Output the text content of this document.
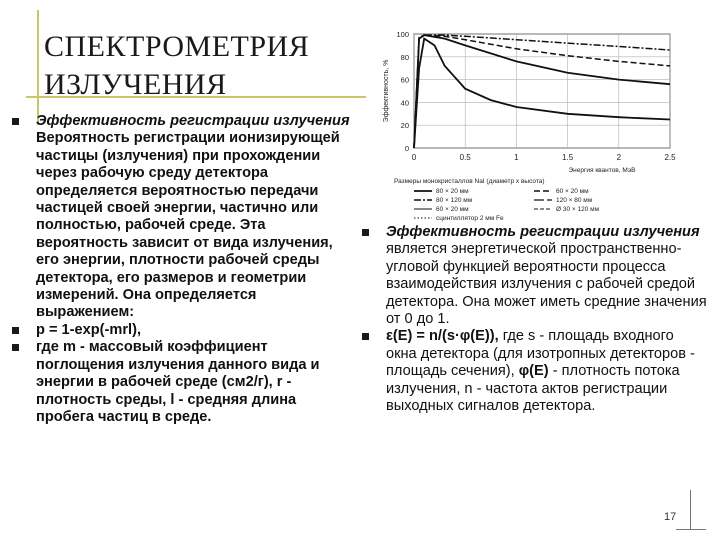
СПЕКТРОМЕТРИЯ
ИЗЛУЧЕНИЯ
0
20
40
60
80
100
0	0.5	1	1.5	2	2.5
Эффективность, %
Энергия квантов, МэВ
Размеры монокристаллов NaI (диаметр х высота)
80 × 20 мм	60 × 20 мм
80 × 120 мм	120 × 80 мм
60 × 20 мм	Ø 30 × 120 мм
сцинтиллятор 2 мм Fe

Эффективность регистрации излучения Вероятность регистрации ионизирующей частицы (излучения) при прохождении через рабочую среду детектора определяется вероятностью передачи частицей своей энергии, частично или полностью, рабочей среде. Эта вероятность зависит от вида излучения, его энергии, плотности рабочей среды детектора, его размеров и геометрии измерений. Она определяется выражением:

p = 1-exp(-mrl),

где m - массовый коэффициент поглощения излучения данного вида и энергии в рабочей среде (см2/г), r - плотность среды, l - средняя длина пробега частиц в среде.

Эффективность регистрации излучения является энергетической пространственно-угловой функцией вероятности процесса взаимодействия излучения с рабочей средой детектора. Она может иметь средние значения от 0 до 1.

ε(E) = n/(s·φ(E)), где s - площадь входного окна детектора (для изотропных детекторов - площадь сечения), φ(E) - плотность потока излучения, n - частота актов регистрации выходных сигналов детектора.

17
